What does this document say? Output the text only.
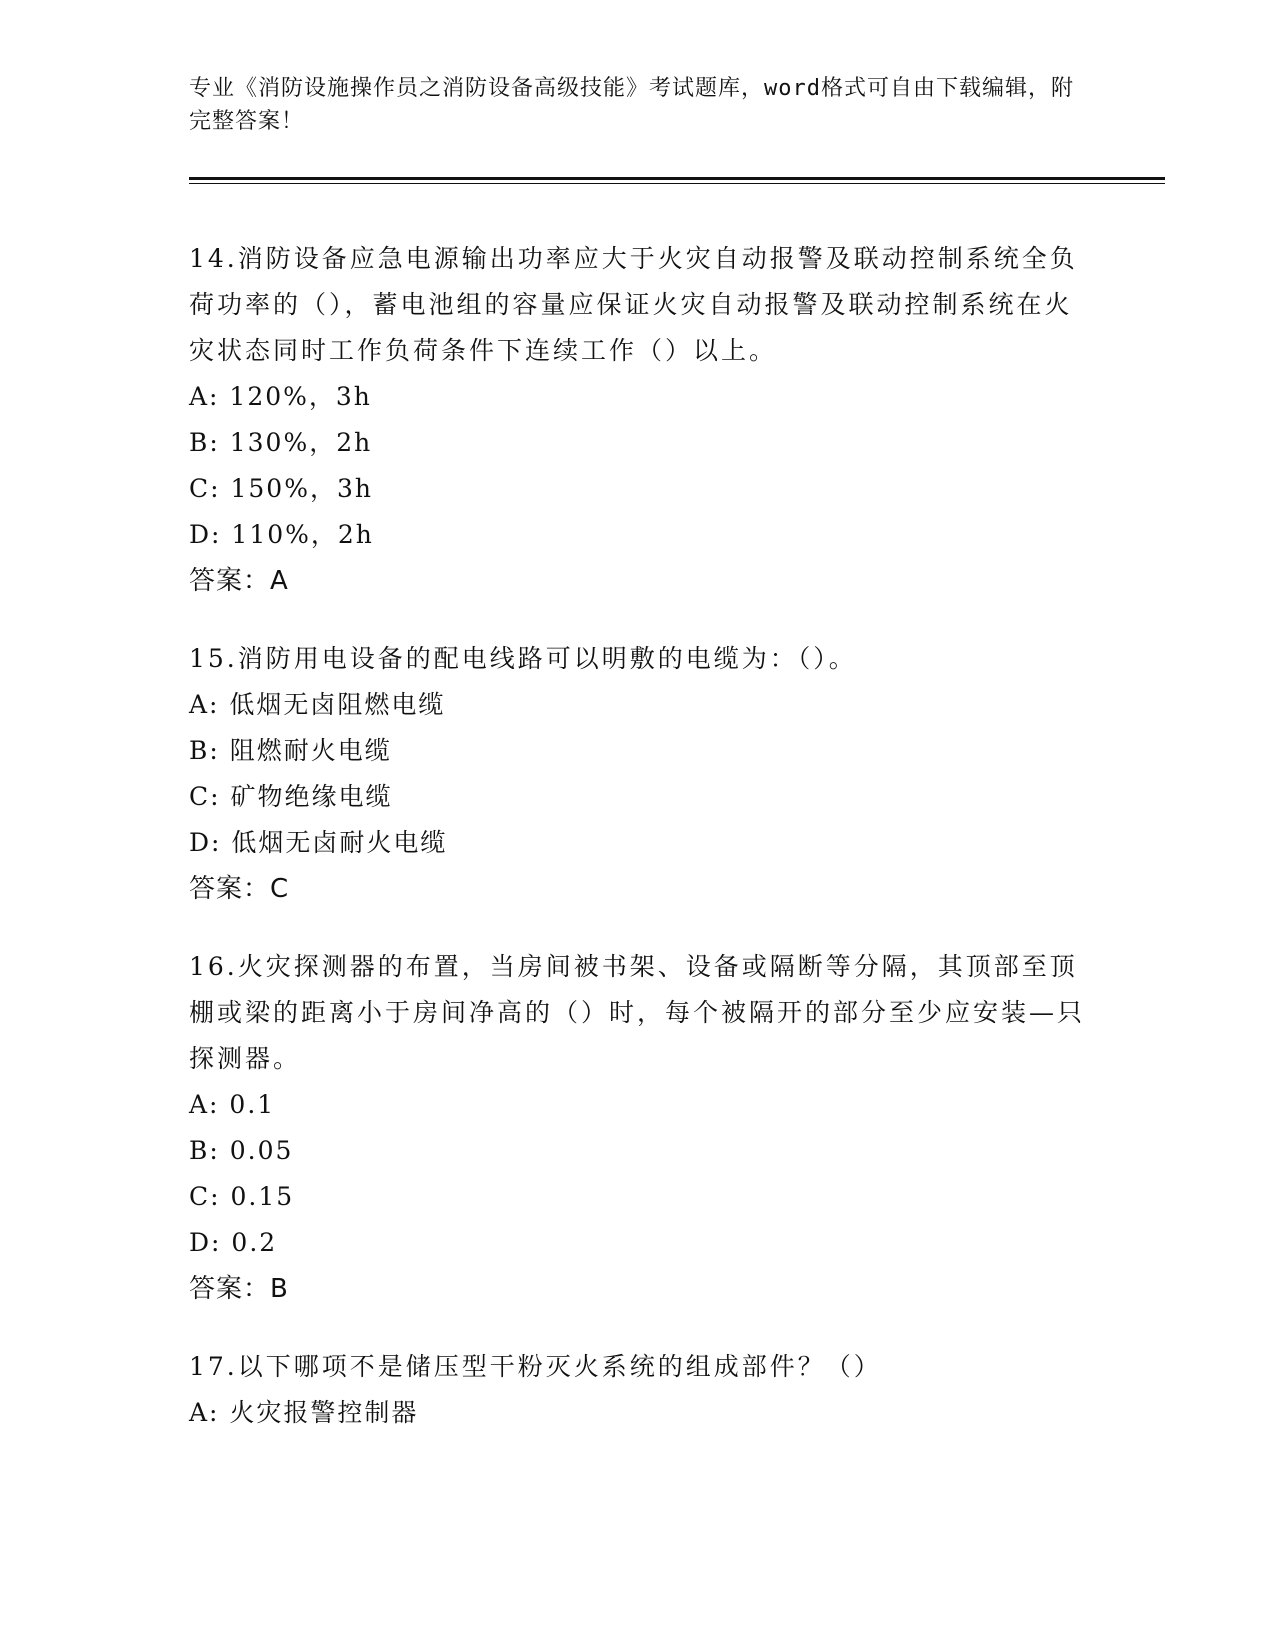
专业《消防设施操作员之消防设备高级技能》考试题库，word格式可自由下载编辑，附完整答案！

14.消防设备应急电源输出功率应大于火灾自动报警及联动控制系统全负荷功率的（），蓄电池组的容量应保证火灾自动报警及联动控制系统在火灾状态同时工作负荷条件下连续工作（）以上。

A: 120%，3h

B: 130%，2h

C: 150%，3h

D: 110%，2h

答案：A

15.消防用电设备的配电线路可以明敷的电缆为：（）。

A: 低烟无卤阻燃电缆

B: 阻燃耐火电缆

C: 矿物绝缘电缆

D: 低烟无卤耐火电缆

答案：C

16.火灾探测器的布置，当房间被书架、设备或隔断等分隔，其顶部至顶棚或梁的距离小于房间净高的（）时，每个被隔开的部分至少应安装—只探测器。

A: 0.1

B: 0.05

C: 0.15

D: 0.2

答案：B

17.以下哪项不是储压型干粉灭火系统的组成部件？（）

A: 火灾报警控制器
